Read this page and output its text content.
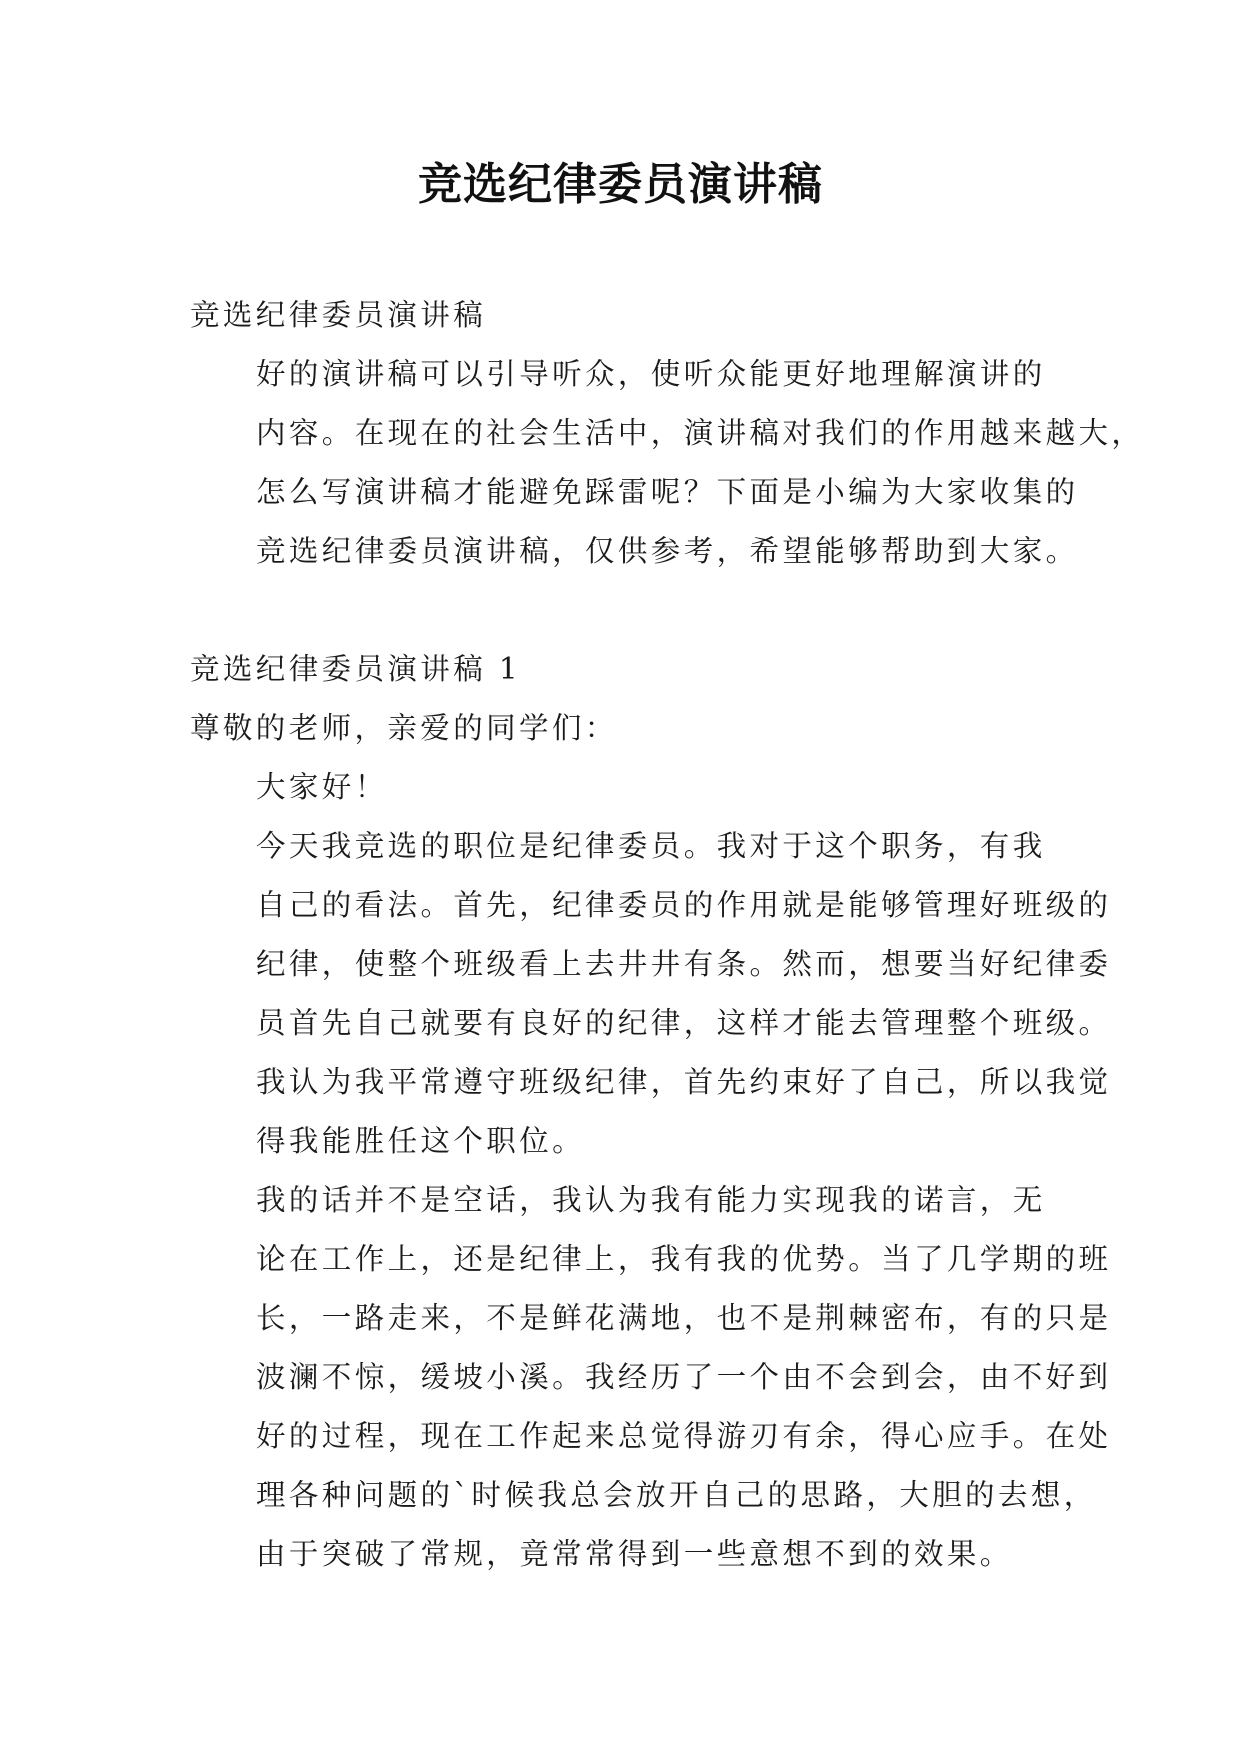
竞选纪律委员演讲稿

竞选纪律委员演讲稿

好的演讲稿可以引导听众，使听众能更好地理解演讲的
内容。在现在的社会生活中，演讲稿对我们的作用越来越大，
怎么写演讲稿才能避免踩雷呢？下面是小编为大家收集的
竞选纪律委员演讲稿，仅供参考，希望能够帮助到大家。

竞选纪律委员演讲稿 1

尊敬的老师，亲爱的同学们：

大家好！

今天我竞选的职位是纪律委员。我对于这个职务，有我
自己的看法。首先，纪律委员的作用就是能够管理好班级的
纪律，使整个班级看上去井井有条。然而，想要当好纪律委
员首先自己就要有良好的纪律，这样才能去管理整个班级。
我认为我平常遵守班级纪律，首先约束好了自己，所以我觉
得我能胜任这个职位。

我的话并不是空话，我认为我有能力实现我的诺言，无
论在工作上，还是纪律上，我有我的优势。当了几学期的班
长，一路走来，不是鲜花满地，也不是荆棘密布，有的只是
波澜不惊，缓坡小溪。我经历了一个由不会到会，由不好到
好的过程，现在工作起来总觉得游刃有余，得心应手。在处
理各种问题的`时候我总会放开自己的思路，大胆的去想，
由于突破了常规，竟常常得到一些意想不到的效果。
